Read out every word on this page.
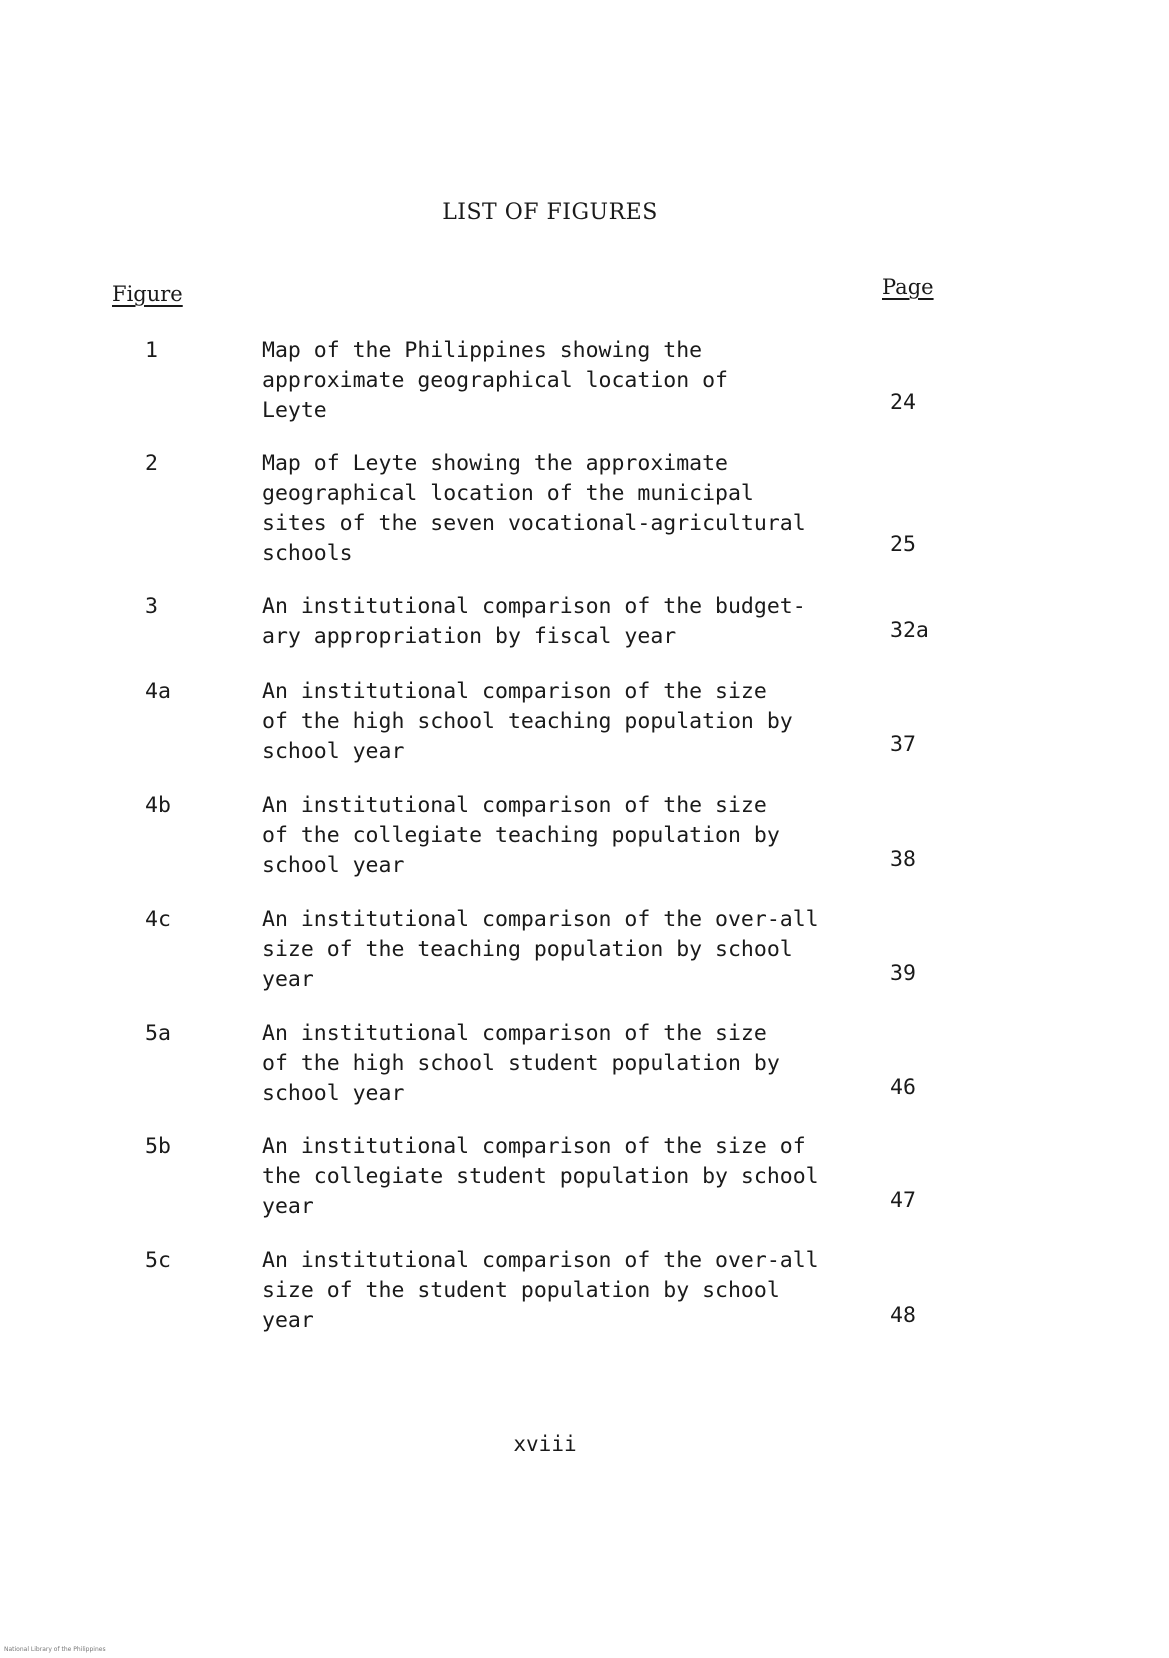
LIST OF FIGURES
Figure	Page
1	Map of the Philippines showing the
approximate geographical location of
Leyte	24
2	Map of Leyte showing the approximate
geographical location of the municipal
sites of the seven vocational-agricultural
schools	25
3	An institutional comparison of the budget-
ary appropriation by fiscal year	32a
4a	An institutional comparison of the size
of the high school teaching population by
school year	37
4b	An institutional comparison of the size
of the collegiate teaching population by
school year	38
4c	An institutional comparison of the over-all
size of the teaching population by school
year	39
5a	An institutional comparison of the size
of the high school student population by
school year	46
5b	An institutional comparison of the size of
the collegiate student population by school
year	47
5c	An institutional comparison of the over-all
size of the student population by school
year	48
xviii
National Library of the Philippines
